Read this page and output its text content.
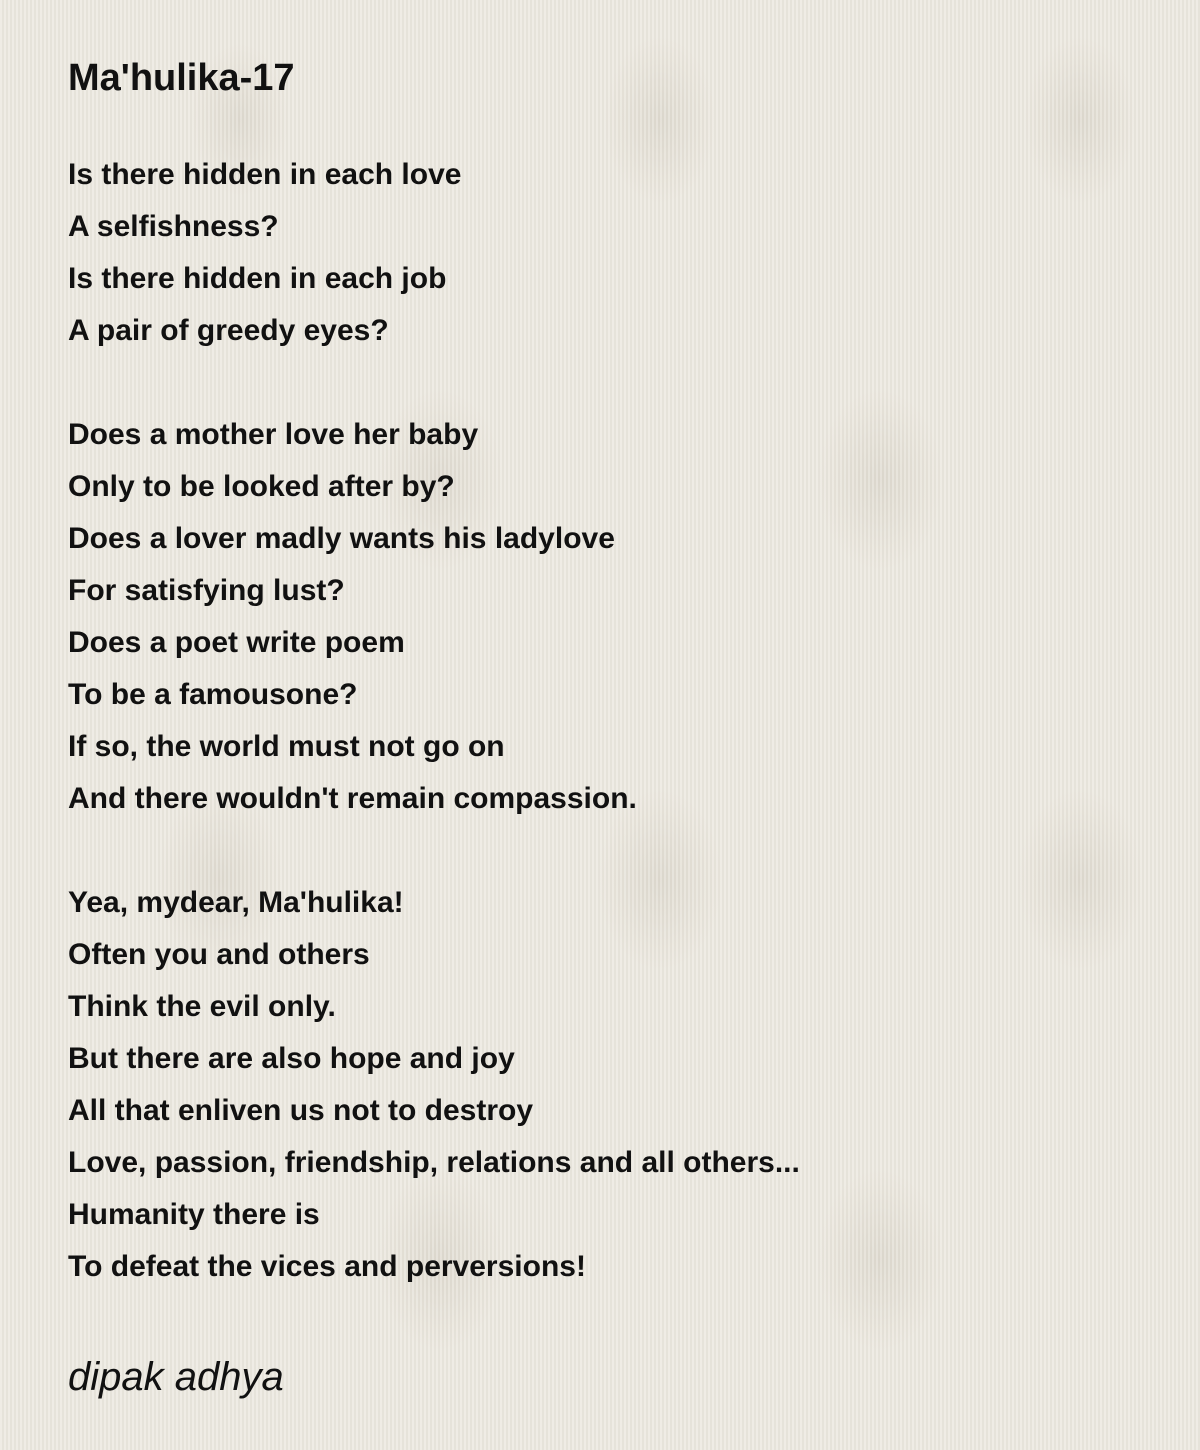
Ma'hulika-17
Is there hidden in each love
A selfishness?
Is there hidden in each job
A pair of greedy eyes?
Does a mother love her baby
Only to be looked after by?
Does a lover madly wants his ladylove
For satisfying lust?
Does a poet write poem
To be a famousone?
If so, the world must not go on
And there wouldn't remain compassion.
Yea, mydear, Ma'hulika!
Often you and others
Think the evil only.
But there are also hope and joy
All that enliven us not to destroy
Love, passion, friendship, relations and all others...
Humanity there is
To defeat the vices and perversions!
dipak adhya
